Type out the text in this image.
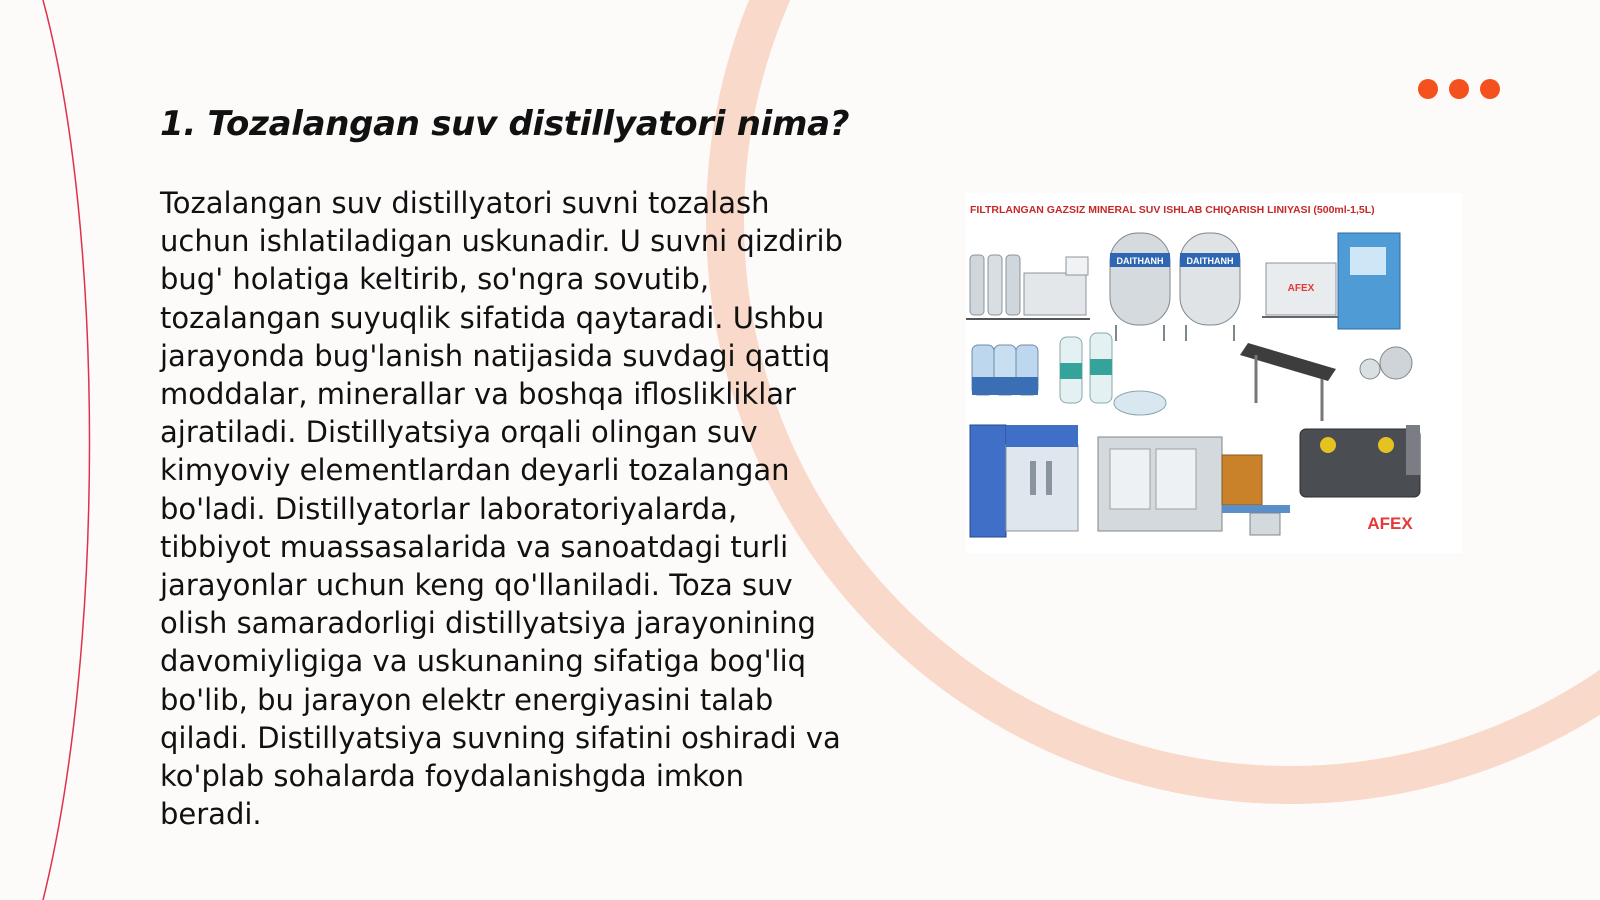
1. Tozalangan suv distillyatori nima?

Tozalangan suv distillyatori suvni tozalash uchun ishlatiladigan uskunadir. U suvni qizdirib bug' holatiga keltirib, so'ngra sovutib, tozalangan suyuqlik sifatida qaytaradi. Ushbu jarayonda bug'lanish natijasida suvdagi qattiq moddalar, minerallar va boshqa ifloslikliklar ajratiladi. Distillyatsiya orqali olingan suv kimyoviy elementlardan deyarli tozalangan bo'ladi. Distillyatorlar laboratoriyalarda, tibbiyot muassasalarida va sanoatdagi turli jarayonlar uchun keng qo'llaniladi. Toza suv olish samaradorligi distillyatsiya jarayonining davomiyligiga va uskunaning sifatiga bog'liq bo'lib, bu jarayon elektr energiyasini talab qiladi. Distillyatsiya suvning sifatini oshiradi va ko'plab sohalarda foydalanishgda imkon beradi.

FILTRLANGAN GAZSIZ MINERAL SUV ISHLAB CHIQARISH LINIYASI (500ml-1,5L)
DAITHANH	DAITHANH
AFEX
AFEX
